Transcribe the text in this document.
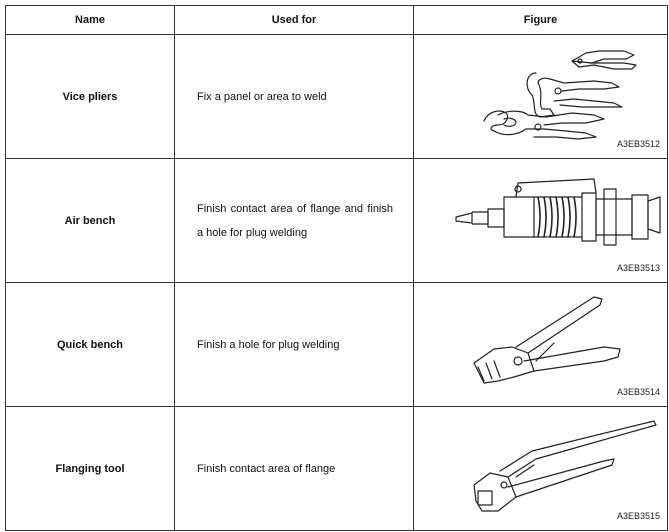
Name	Used for	Figure
Vice pliers	Fix a panel or area to weld	A3EB3512

Air bench	Finish contact area of flange and finish a hole for plug welding	A3EB3513

Quick bench	Finish a hole for plug welding	A3EB3514

Flanging tool	Finish contact area of flange	A3EB3515
